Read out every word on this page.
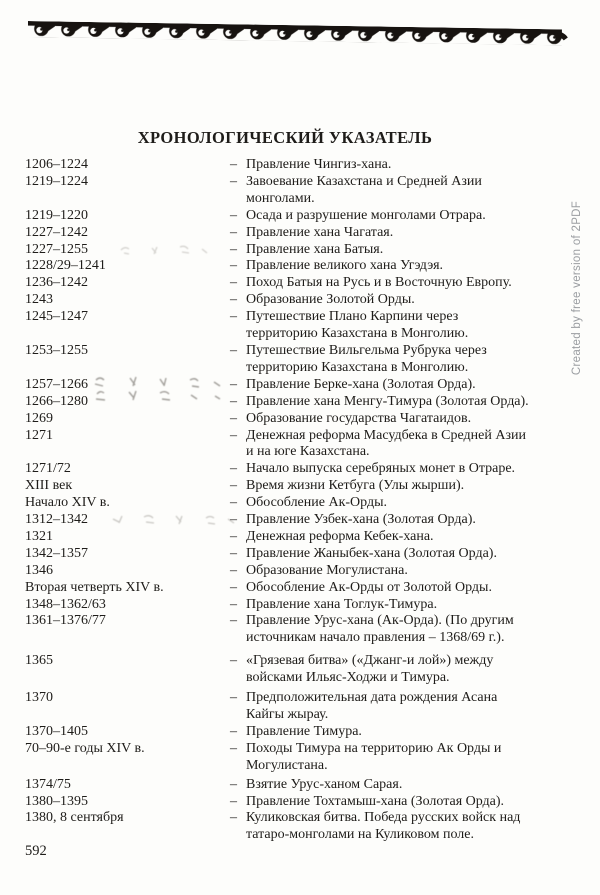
ХРОНОЛОГИЧЕСКИЙ УКАЗАТЕЛЬ
1206–1224	– Правление Чингиз-хана.
1219–1224	– Завоевание Казахстана и Средней Азии
монголами.
1219–1220	– Осада и разрушение монголами Отрара.
1227–1242	– Правление хана Чагатая.
1227–1255	– Правление хана Батыя.
1228/29–1241	– Правление великого хана Угэдэя.
1236–1242	– Поход Батыя на Русь и в Восточную Европу.
1243	– Образование Золотой Орды.
1245–1247	– Путешествие Плано Карпини через
территорию Казахстана в Монголию.
1253–1255	– Путешествие Вильгельма Рубрука через
территорию Казахстана в Монголию.
1257–1266	– Правление Берке-хана (Золотая Орда).
1266–1280	– Правление хана Менгу-Тимура (Золотая Орда).
1269	– Образование государства Чагатаидов.
1271	– Денежная реформа Масудбека в Средней Азии
и на юге Казахстана.
1271/72	– Начало выпуска серебряных монет в Отраре.
XIII век	– Время жизни Кетбуга (Улы жырши).
Начало XIV в.	– Обособление Ак-Орды.
1312–1342	– Правление Узбек-хана (Золотая Орда).
1321	– Денежная реформа Кебек-хана.
1342–1357	– Правление Жаныбек-хана (Золотая Орда).
1346	– Образование Могулистана.
Вторая четверть XIV в.	– Обособление Ак-Орды от Золотой Орды.
1348–1362/63	– Правление хана Тоглук-Тимура.
1361–1376/77	– Правление Урус-хана (Ак-Орда). (По другим
источникам начало правления – 1368/69 г.).
1365	– «Грязевая битва» («Джанг-и лой») между
войсками Ильяс-Ходжи и Тимура.
1370	– Предположительная дата рождения Асана
Кайгы жырау.
1370–1405	– Правление Тимура.
70–90-е годы XIV в.	– Походы Тимура на территорию Ак Орды и
Могулистана.
1374/75	– Взятие Урус-ханом Сарая.
1380–1395	– Правление Тохтамыш-хана (Золотая Орда).
1380, 8 сентября	– Куликовская битва. Победа русских войск над
татаро-монголами на Куликовом поле.
Created by free version of 2PDF
592
